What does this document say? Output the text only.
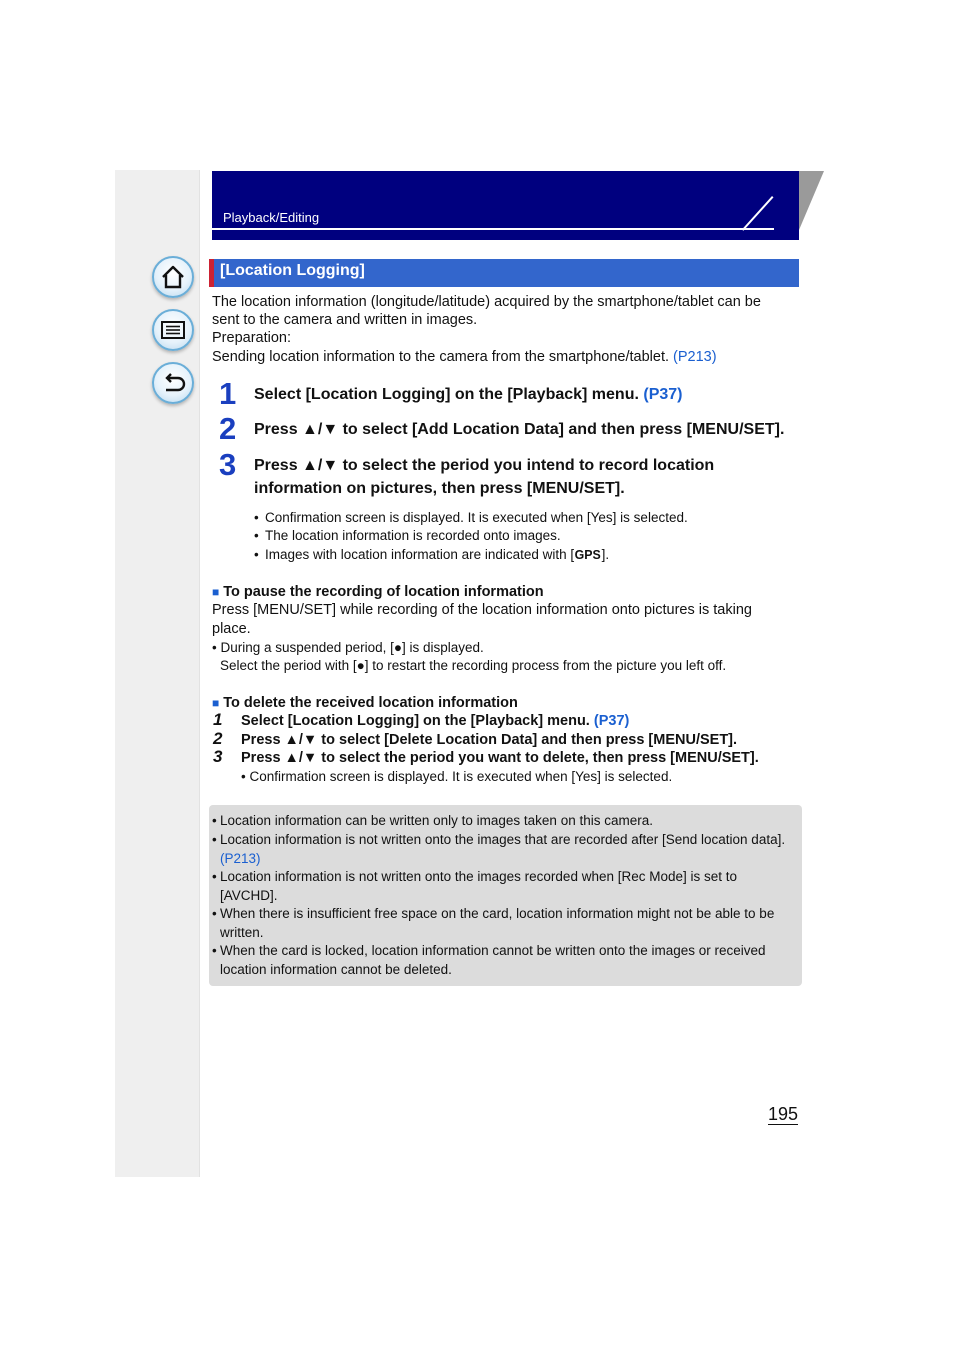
Playback/Editing
[Location Logging]

The location information (longitude/latitude) acquired by the smartphone/tablet can be

sent to the camera and written in images.

Preparation:

Sending location information to the camera from the smartphone/tablet. (P213)

1 Select [Location Logging] on the [Playback] menu. (P37)

2 Press ▲/▼ to select [Add Location Data] and then press [MENU/SET].

3 Press ▲/▼ to select the period you intend to record location

information on pictures, then press [MENU/SET].

• Confirmation screen is displayed. It is executed when [Yes] is selected.
• The location information is recorded onto images.
• Images with location information are indicated with [GPS].
■ To pause the recording of location information
Press [MENU/SET] while recording of the location information onto pictures is taking
place.
• During a suspended period, [●] is displayed.
Select the period with [●] to restart the recording process from the picture you left off.
■ To delete the received location information
1 Select [Location Logging] on the [Playback] menu. (P37)
2 Press ▲/▼ to select [Delete Location Data] and then press [MENU/SET].
3 Press ▲/▼ to select the period you want to delete, then press [MENU/SET].
• Confirmation screen is displayed. It is executed when [Yes] is selected.
• Location information can be written only to images taken on this camera.
• Location information is not written onto the images that are recorded after [Send location data].
(P213)
• Location information is not written onto the images recorded when [Rec Mode] is set to
[AVCHD].
• When there is insufficient free space on the card, location information might not be able to be
written.
• When the card is locked, location information cannot be written onto the images or received
location information cannot be deleted.
195
